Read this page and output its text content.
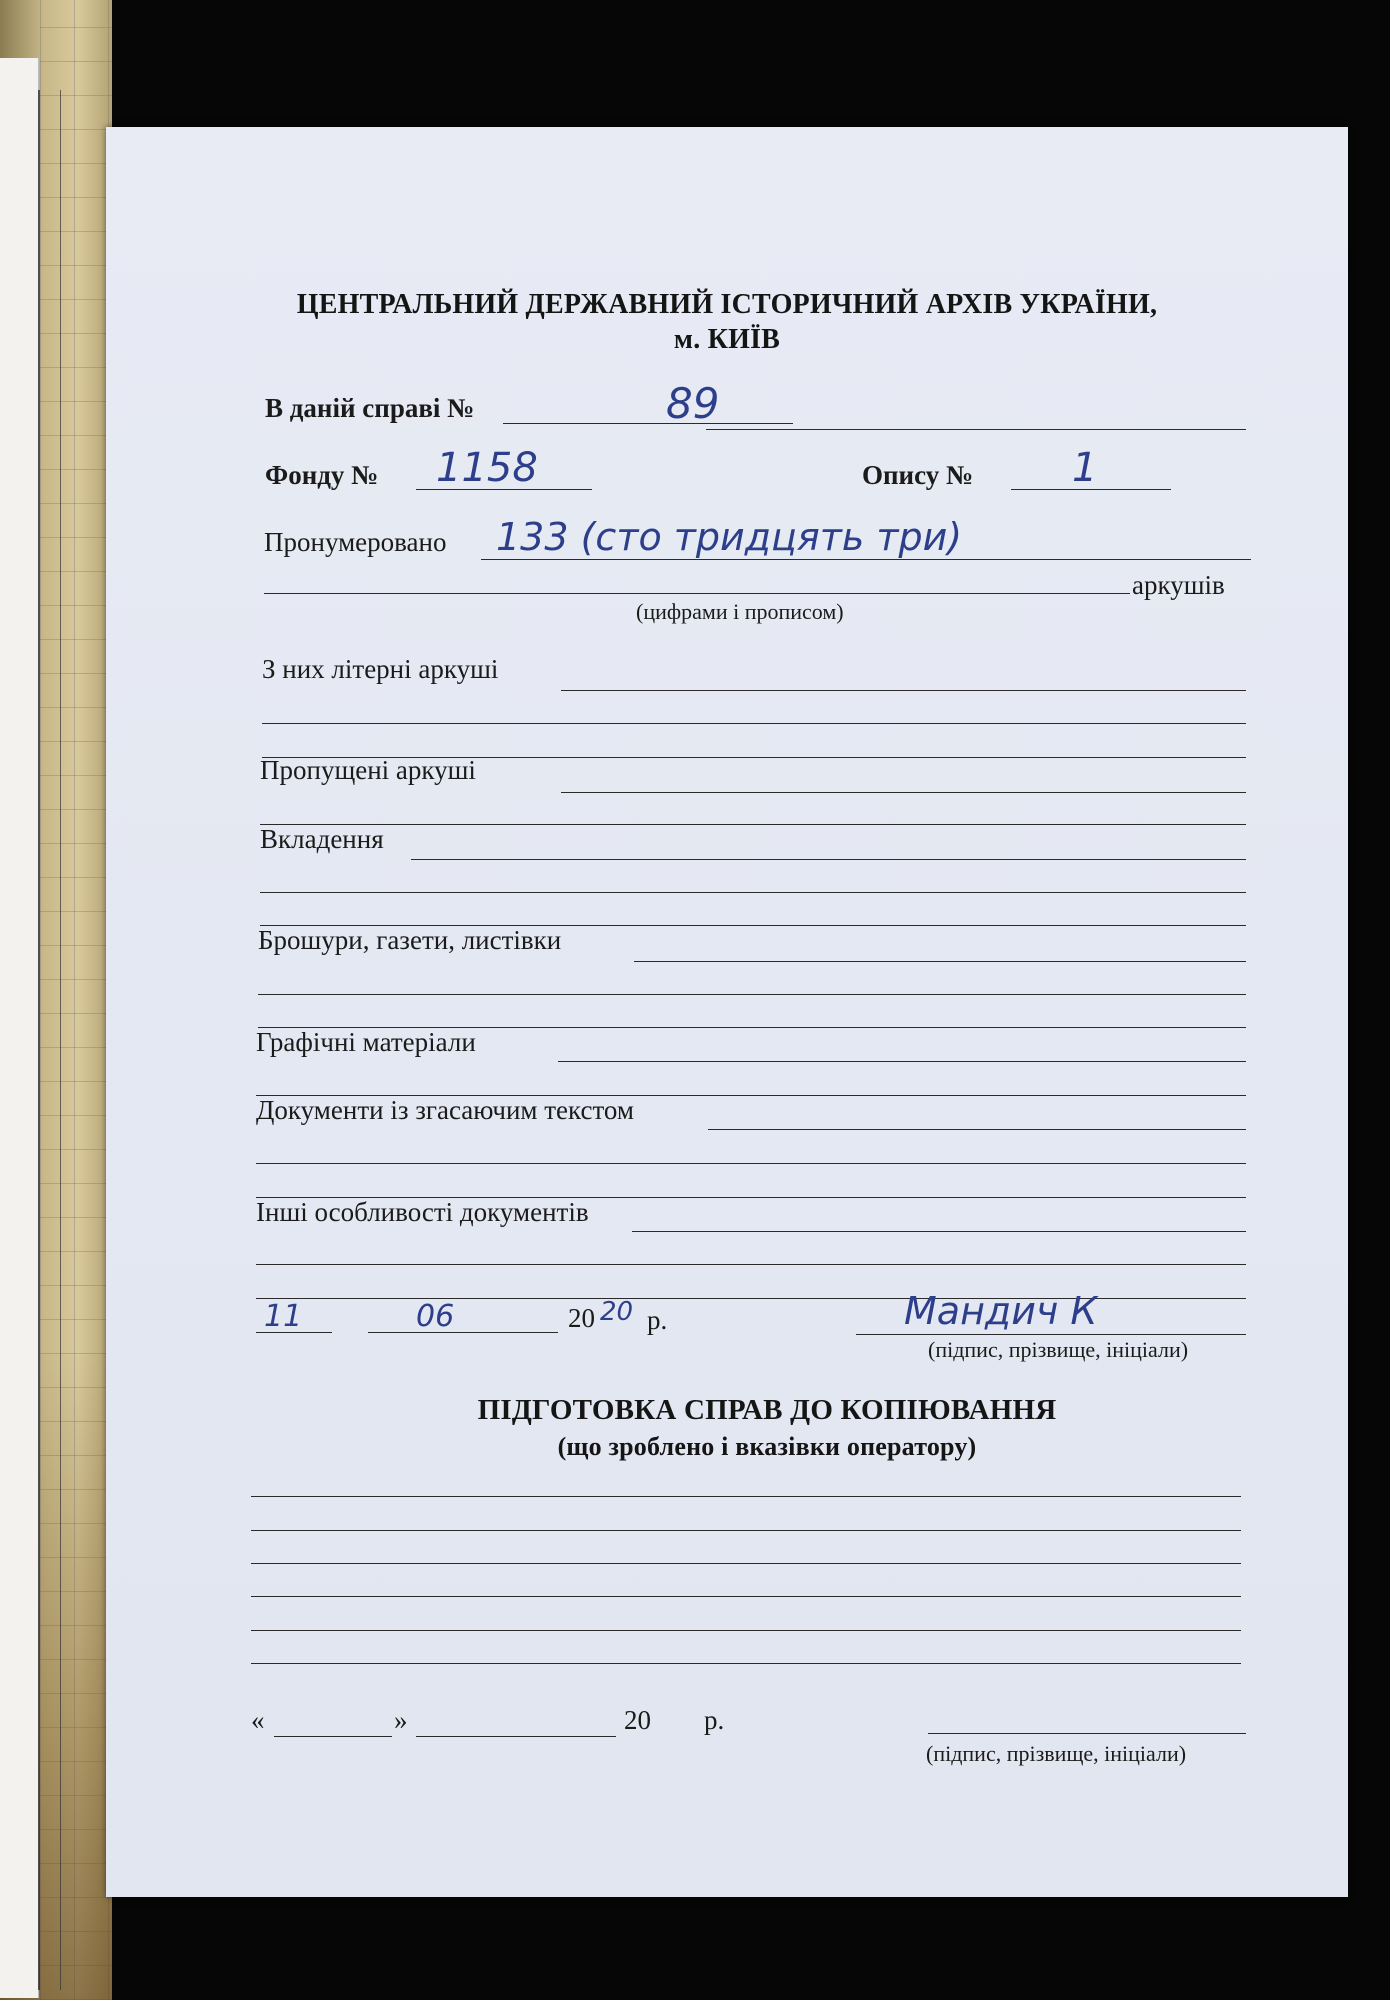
ЦЕНТРАЛЬНИЙ ДЕРЖАВНИЙ ІСТОРИЧНИЙ АРХІВ УКРАЇНИ,
м. КИЇВ
В даній справі №	89
Фонду № 1158	Опису № 1
Пронумеровано 133 (сто тридцять три)
аркушів
(цифрами і прописом)
З них літерні аркуші
Пропущені аркуші
Вкладення
Брошури, газети, листівки
Графічні матеріали
Документи із згасаючим текстом
Інші особливості документів
11	06	20 20 р.	Мандич К
(підпис, прізвище, ініціали)
ПІДГОТОВКА СПРАВ ДО КОПІЮВАННЯ
(що зроблено і вказівки оператору)
«	»	20 р.
(підпис, прізвище, ініціали)
